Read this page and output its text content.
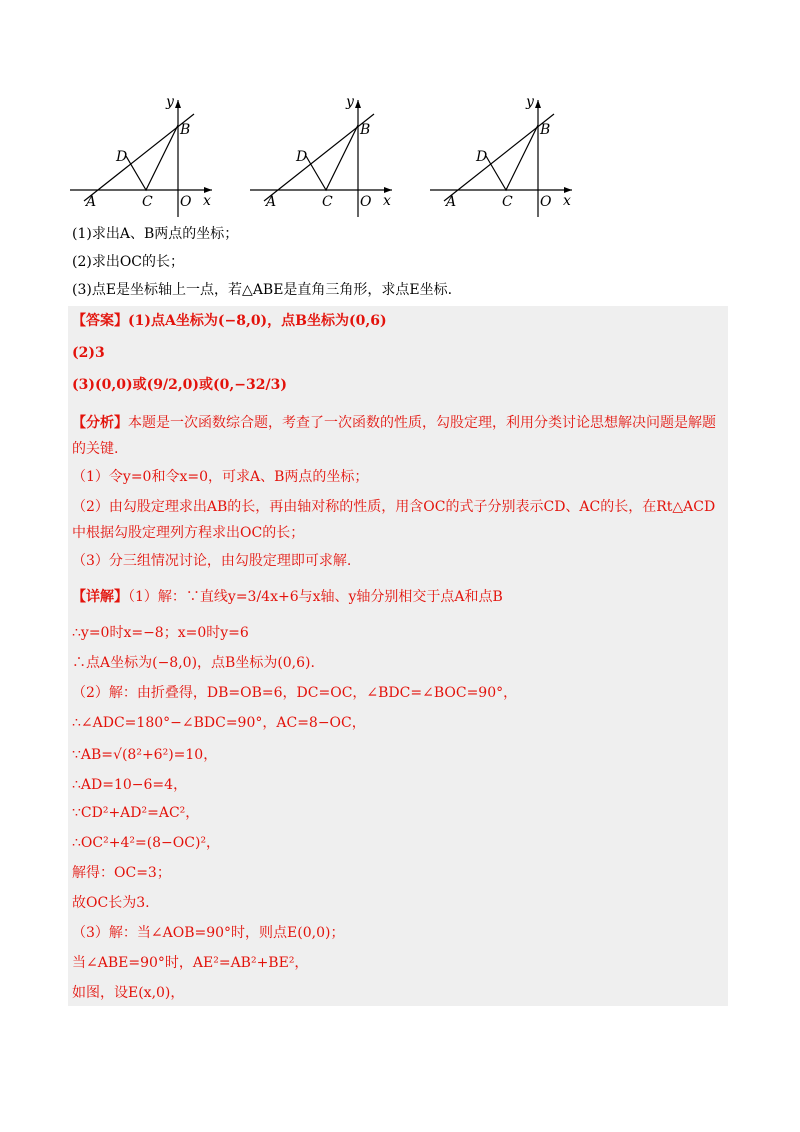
y
x
B
D
A	C O
y
x
B
D
A	C O
y
x
B
D
A	C O
(1)求出A、B两点的坐标；
(2)求出OC的长；
(3)点E是坐标轴上一点，若△ABE是直角三角形，求点E坐标.
【答案】(1)点A坐标为(−8,0)，点B坐标为(0,6)
(2)3
(3)(0,0)或(9/2,0)或(0,−32/3)
【分析】本题是一次函数综合题，考查了一次函数的性质，勾股定理，利用分类讨论思想解决问题是解题的关键.
（1）令y=0和令x=0，可求A、B两点的坐标；
（2）由勾股定理求出AB的长，再由轴对称的性质，用含OC的式子分别表示CD、AC的长，在Rt△ACD
中根据勾股定理列方程求出OC的长；
（3）分三组情况讨论，由勾股定理即可求解.
【详解】（1）解：∵直线y=3/4x+6与x轴、y轴分别相交于点A和点B
∴y=0时x=−8；x=0时y=6
∴点A坐标为(−8,0)，点B坐标为(0,6).
（2）解：由折叠得，DB=OB=6，DC=OC，∠BDC=∠BOC=90°，
∴∠ADC=180°−∠BDC=90°，AC=8−OC，
∵AB=√(8²+6²)=10，
∴AD=10−6=4，
∵CD²+AD²=AC²，
∴OC²+4²=(8−OC)²，
解得：OC=3；
故OC长为3.
（3）解：当∠AOB=90°时，则点E(0,0)；
当∠ABE=90°时，AE²=AB²+BE²，
如图，设E(x,0)，
